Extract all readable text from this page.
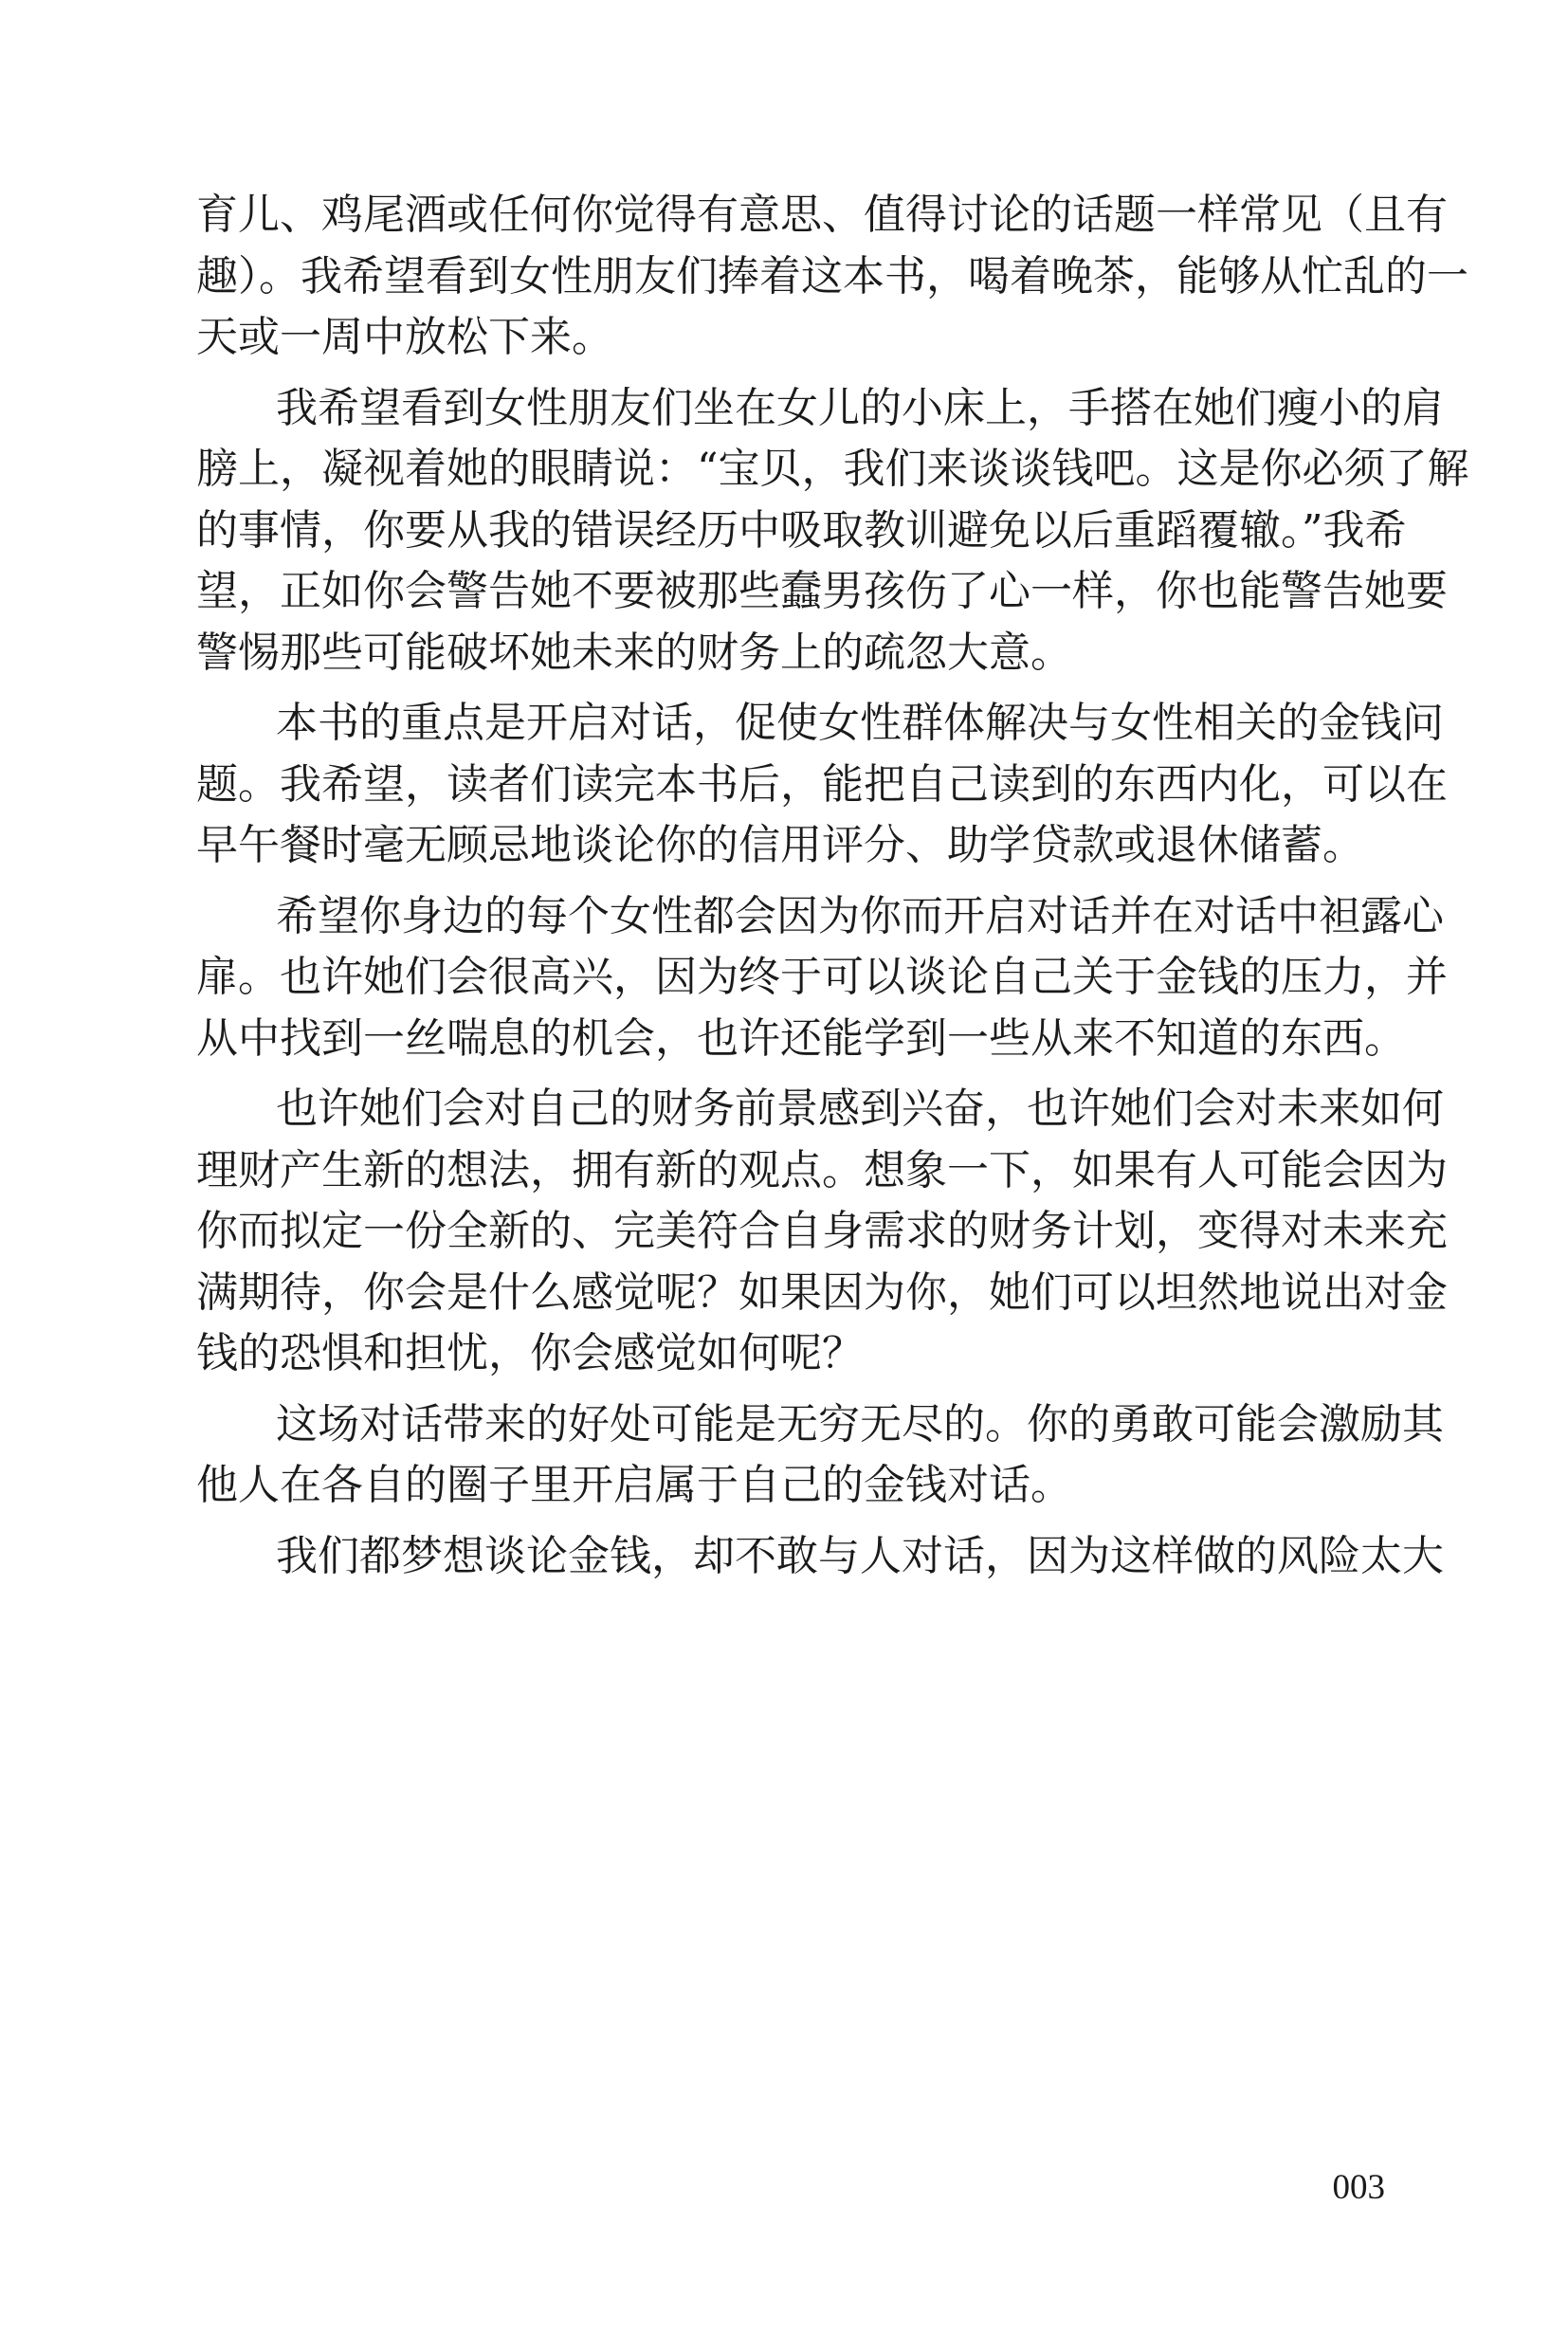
育儿、鸡尾酒或任何你觉得有意思、值得讨论的话题一样常见（且有
趣）。我希望看到女性朋友们捧着这本书，喝着晚茶，能够从忙乱的一
天或一周中放松下来。
我希望看到女性朋友们坐在女儿的小床上，手搭在她们瘦小的肩
膀上，凝视着她的眼睛说：“宝贝，我们来谈谈钱吧。这是你必须了解
的事情，你要从我的错误经历中吸取教训避免以后重蹈覆辙。”我希
望，正如你会警告她不要被那些蠢男孩伤了心一样，你也能警告她要
警惕那些可能破坏她未来的财务上的疏忽大意。
本书的重点是开启对话，促使女性群体解决与女性相关的金钱问
题。我希望，读者们读完本书后，能把自己读到的东西内化，可以在
早午餐时毫无顾忌地谈论你的信用评分、助学贷款或退休储蓄。
希望你身边的每个女性都会因为你而开启对话并在对话中袒露心
扉。也许她们会很高兴，因为终于可以谈论自己关于金钱的压力，并
从中找到一丝喘息的机会，也许还能学到一些从来不知道的东西。
也许她们会对自己的财务前景感到兴奋，也许她们会对未来如何
理财产生新的想法，拥有新的观点。想象一下，如果有人可能会因为
你而拟定一份全新的、完美符合自身需求的财务计划，变得对未来充
满期待，你会是什么感觉呢？如果因为你，她们可以坦然地说出对金
钱的恐惧和担忧，你会感觉如何呢？
这场对话带来的好处可能是无穷无尽的。你的勇敢可能会激励其
他人在各自的圈子里开启属于自己的金钱对话。
我们都梦想谈论金钱，却不敢与人对话，因为这样做的风险太大
003
